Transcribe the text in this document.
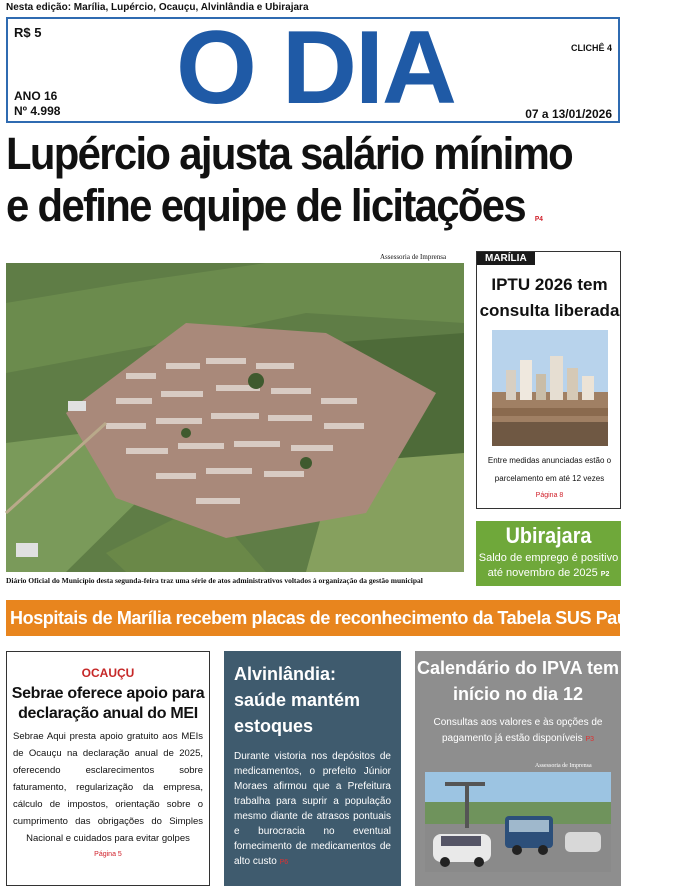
Nesta edição: Marília, Lupércio, Ocauçu, Alvinlândia e Ubirajara
R$ 5 O DIA	CLICHÊ 4
ANO 16
Nº 4.998	07 a 13/01/2026
Lupércio ajusta salário mínimo
e define equipe de licitações P4
Assessoria de Imprensa
Diário Oficial do Município desta segunda-feira traz uma série de atos administrativos voltados à organização da gestão municipal
MARÍLIA
IPTU 2026 tem consulta liberada
Entre medidas anunciadas estão o parcelamento em até 12 vezes
Página 8
Ubirajara
Saldo de emprego é positivo até novembro de 2025 P2
Hospitais de Marília recebem placas de reconhecimento da Tabela SUS Paulista P7
OCAUÇU
Sebrae oferece apoio para declaração anual do MEI
Sebrae Aqui presta apoio gratuito aos MEIs de Ocauçu na declaração anual de 2025, oferecendo esclarecimentos sobre faturamento, regularização da empresa, cálculo de impostos, orientação sobre o cumprimento das obrigações do Simples Nacional e cuidados para evitar golpes
Página 5
Alvinlândia: saúde mantém estoques
Durante vistoria nos depósitos de medicamentos, o prefeito Júnior Moraes afirmou que a Prefeitura trabalha para suprir a população mesmo diante de atrasos pontuais e burocracia no eventual fornecimento de medicamentos de alto custo P6
Calendário do IPVA tem início no dia 12
Consultas aos valores e às opções de pagamento já estão disponíveis P3
Assessoria de Imprensa
